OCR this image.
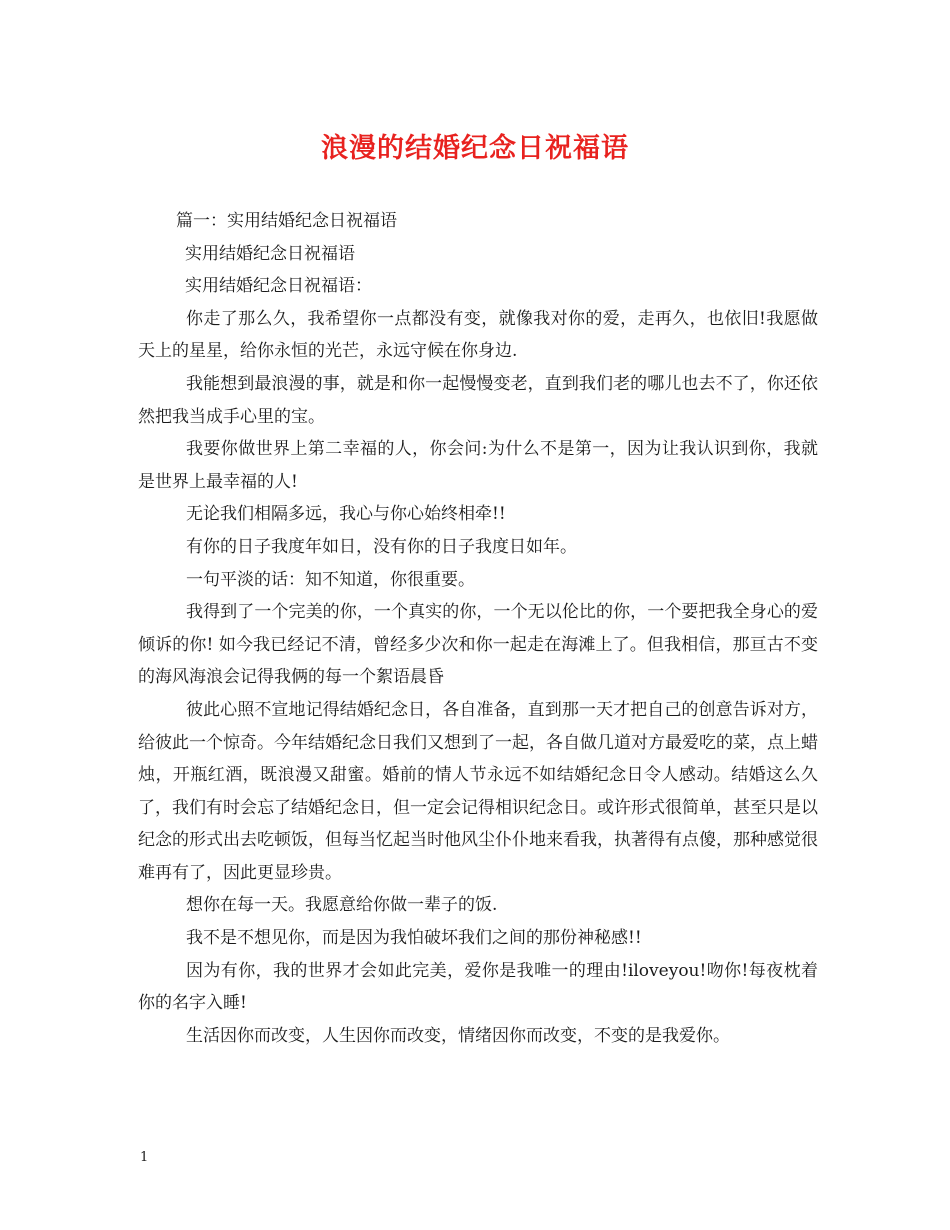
浪漫的结婚纪念日祝福语

篇一：实用结婚纪念日祝福语

实用结婚纪念日祝福语

实用结婚纪念日祝福语：

你走了那么久，我希望你一点都没有变，就像我对你的爱，走再久，也依旧!我愿做天上的星星，给你永恒的光芒，永远守候在你身边.

我能想到最浪漫的事，就是和你一起慢慢变老，直到我们老的哪儿也去不了，你还依然把我当成手心里的宝。

我要你做世界上第二幸福的人，你会问:为什么不是第一，因为让我认识到你，我就是世界上最幸福的人!

无论我们相隔多远，我心与你心始终相牵!!

有你的日子我度年如日，没有你的日子我度日如年。

一句平淡的话：知不知道，你很重要。

我得到了一个完美的你，一个真实的你，一个无以伦比的你，一个要把我全身心的爱倾诉的你! 如今我已经记不清，曾经多少次和你一起走在海滩上了。但我相信，那亘古不变的海风海浪会记得我俩的每一个絮语晨昏

彼此心照不宣地记得结婚纪念日，各自准备，直到那一天才把自己的创意告诉对方，给彼此一个惊奇。今年结婚纪念日我们又想到了一起，各自做几道对方最爱吃的菜，点上蜡烛，开瓶红酒，既浪漫又甜蜜。婚前的情人节永远不如结婚纪念日令人感动。结婚这么久了，我们有时会忘了结婚纪念日，但一定会记得相识纪念日。或许形式很简单，甚至只是以纪念的形式出去吃顿饭，但每当忆起当时他风尘仆仆地来看我，执著得有点傻，那种感觉很难再有了，因此更显珍贵。

想你在每一天。我愿意给你做一辈子的饭.

我不是不想见你，而是因为我怕破坏我们之间的那份神秘感!!

因为有你，我的世界才会如此完美，爱你是我唯一的理由!iloveyou!吻你!每夜枕着你的名字入睡!

生活因你而改变，人生因你而改变，情绪因你而改变，不变的是我爱你。

1
